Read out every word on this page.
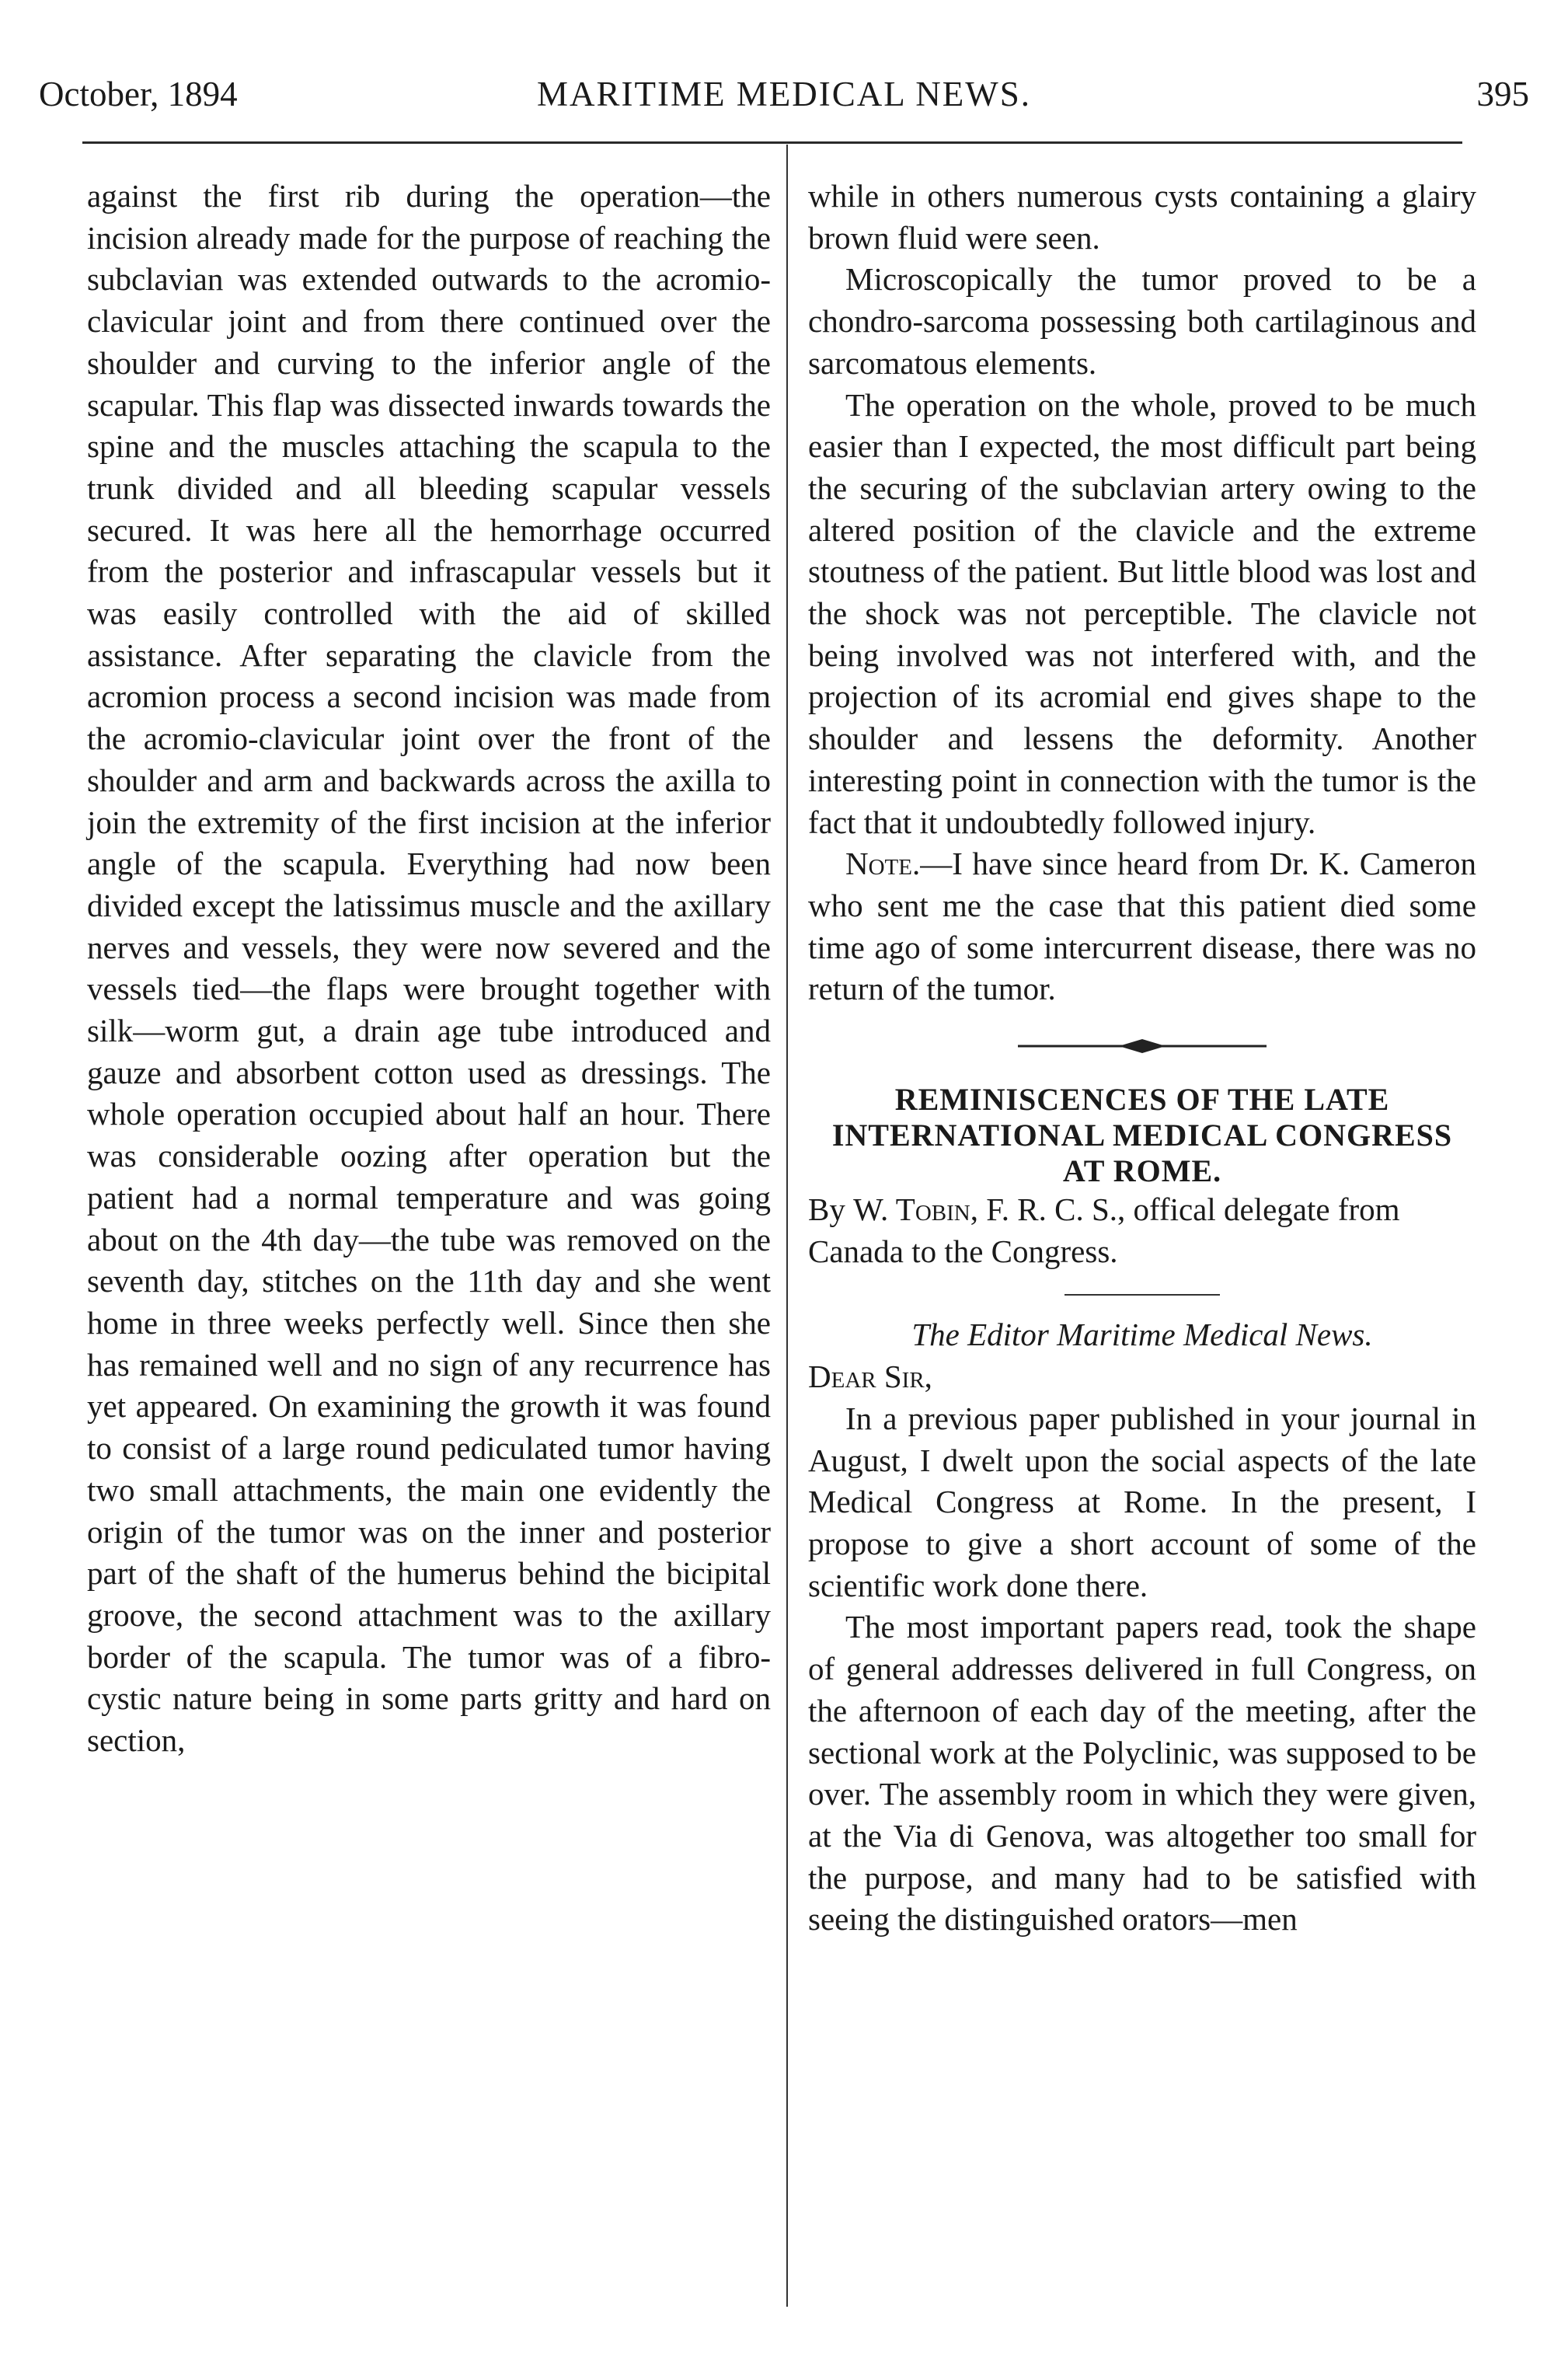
October, 1894	MARITIME MEDICAL NEWS.	395

against the first rib during the operation—the incision already made for the purpose of reaching the subclavian was extended outwards to the acromio-clavicular joint and from there continued over the shoulder and curving to the inferior angle of the scapular. This flap was dissected inwards towards the spine and the muscles attaching the scapula to the trunk divided and all bleeding scapular vessels secured. It was here all the hemorrhage occurred from the posterior and infrascapular vessels but it was easily controlled with the aid of skilled assistance. After separating the clavicle from the acromion process a second incision was made from the acromio-clavicular joint over the front of the shoulder and arm and backwards across the axilla to join the extremity of the first incision at the inferior angle of the scapula. Everything had now been divided except the latissimus muscle and the axillary nerves and vessels, they were now severed and the vessels tied—the flaps were brought together with silk—worm gut, a drain age tube introduced and gauze and absorbent cotton used as dressings. The whole operation occupied about half an hour. There was considerable oozing after operation but the patient had a normal temperature and was going about on the 4th day—the tube was removed on the seventh day, stitches on the 11th day and she went home in three weeks perfectly well. Since then she has remained well and no sign of any recurrence has yet appeared. On examining the growth it was found to consist of a large round pediculated tumor having two small attachments, the main one evidently the origin of the tumor was on the inner and posterior part of the shaft of the humerus behind the bicipital groove, the second attachment was to the axillary border of the scapula. The tumor was of a fibro-cystic nature being in some parts gritty and hard on section,

while in others numerous cysts containing a glairy brown fluid were seen.

Microscopically the tumor proved to be a chondro-sarcoma possessing both cartilaginous and sarcomatous elements.

The operation on the whole, proved to be much easier than I expected, the most difficult part being the securing of the subclavian artery owing to the altered position of the clavicle and the extreme stoutness of the patient. But little blood was lost and the shock was not perceptible. The clavicle not being involved was not interfered with, and the projection of its acromial end gives shape to the shoulder and lessens the deformity. Another interesting point in connection with the tumor is the fact that it undoubtedly followed injury.

Note.—I have since heard from Dr. K. Cameron who sent me the case that this patient died some time ago of some intercurrent disease, there was no return of the tumor.

REMINISCENCES OF THE LATE INTERNATIONAL MEDICAL CONGRESS AT ROME.

By W. Tobin, F. R. C. S., offical delegate from Canada to the Congress.

The Editor Maritime Medical News.

Dear Sir,

In a previous paper published in your journal in August, I dwelt upon the social aspects of the late Medical Congress at Rome. In the present, I propose to give a short account of some of the scientific work done there.

The most important papers read, took the shape of general addresses delivered in full Congress, on the afternoon of each day of the meeting, after the sectional work at the Polyclinic, was supposed to be over. The assembly room in which they were given, at the Via di Genova, was altogether too small for the purpose, and many had to be satisfied with seeing the distinguished orators—men
